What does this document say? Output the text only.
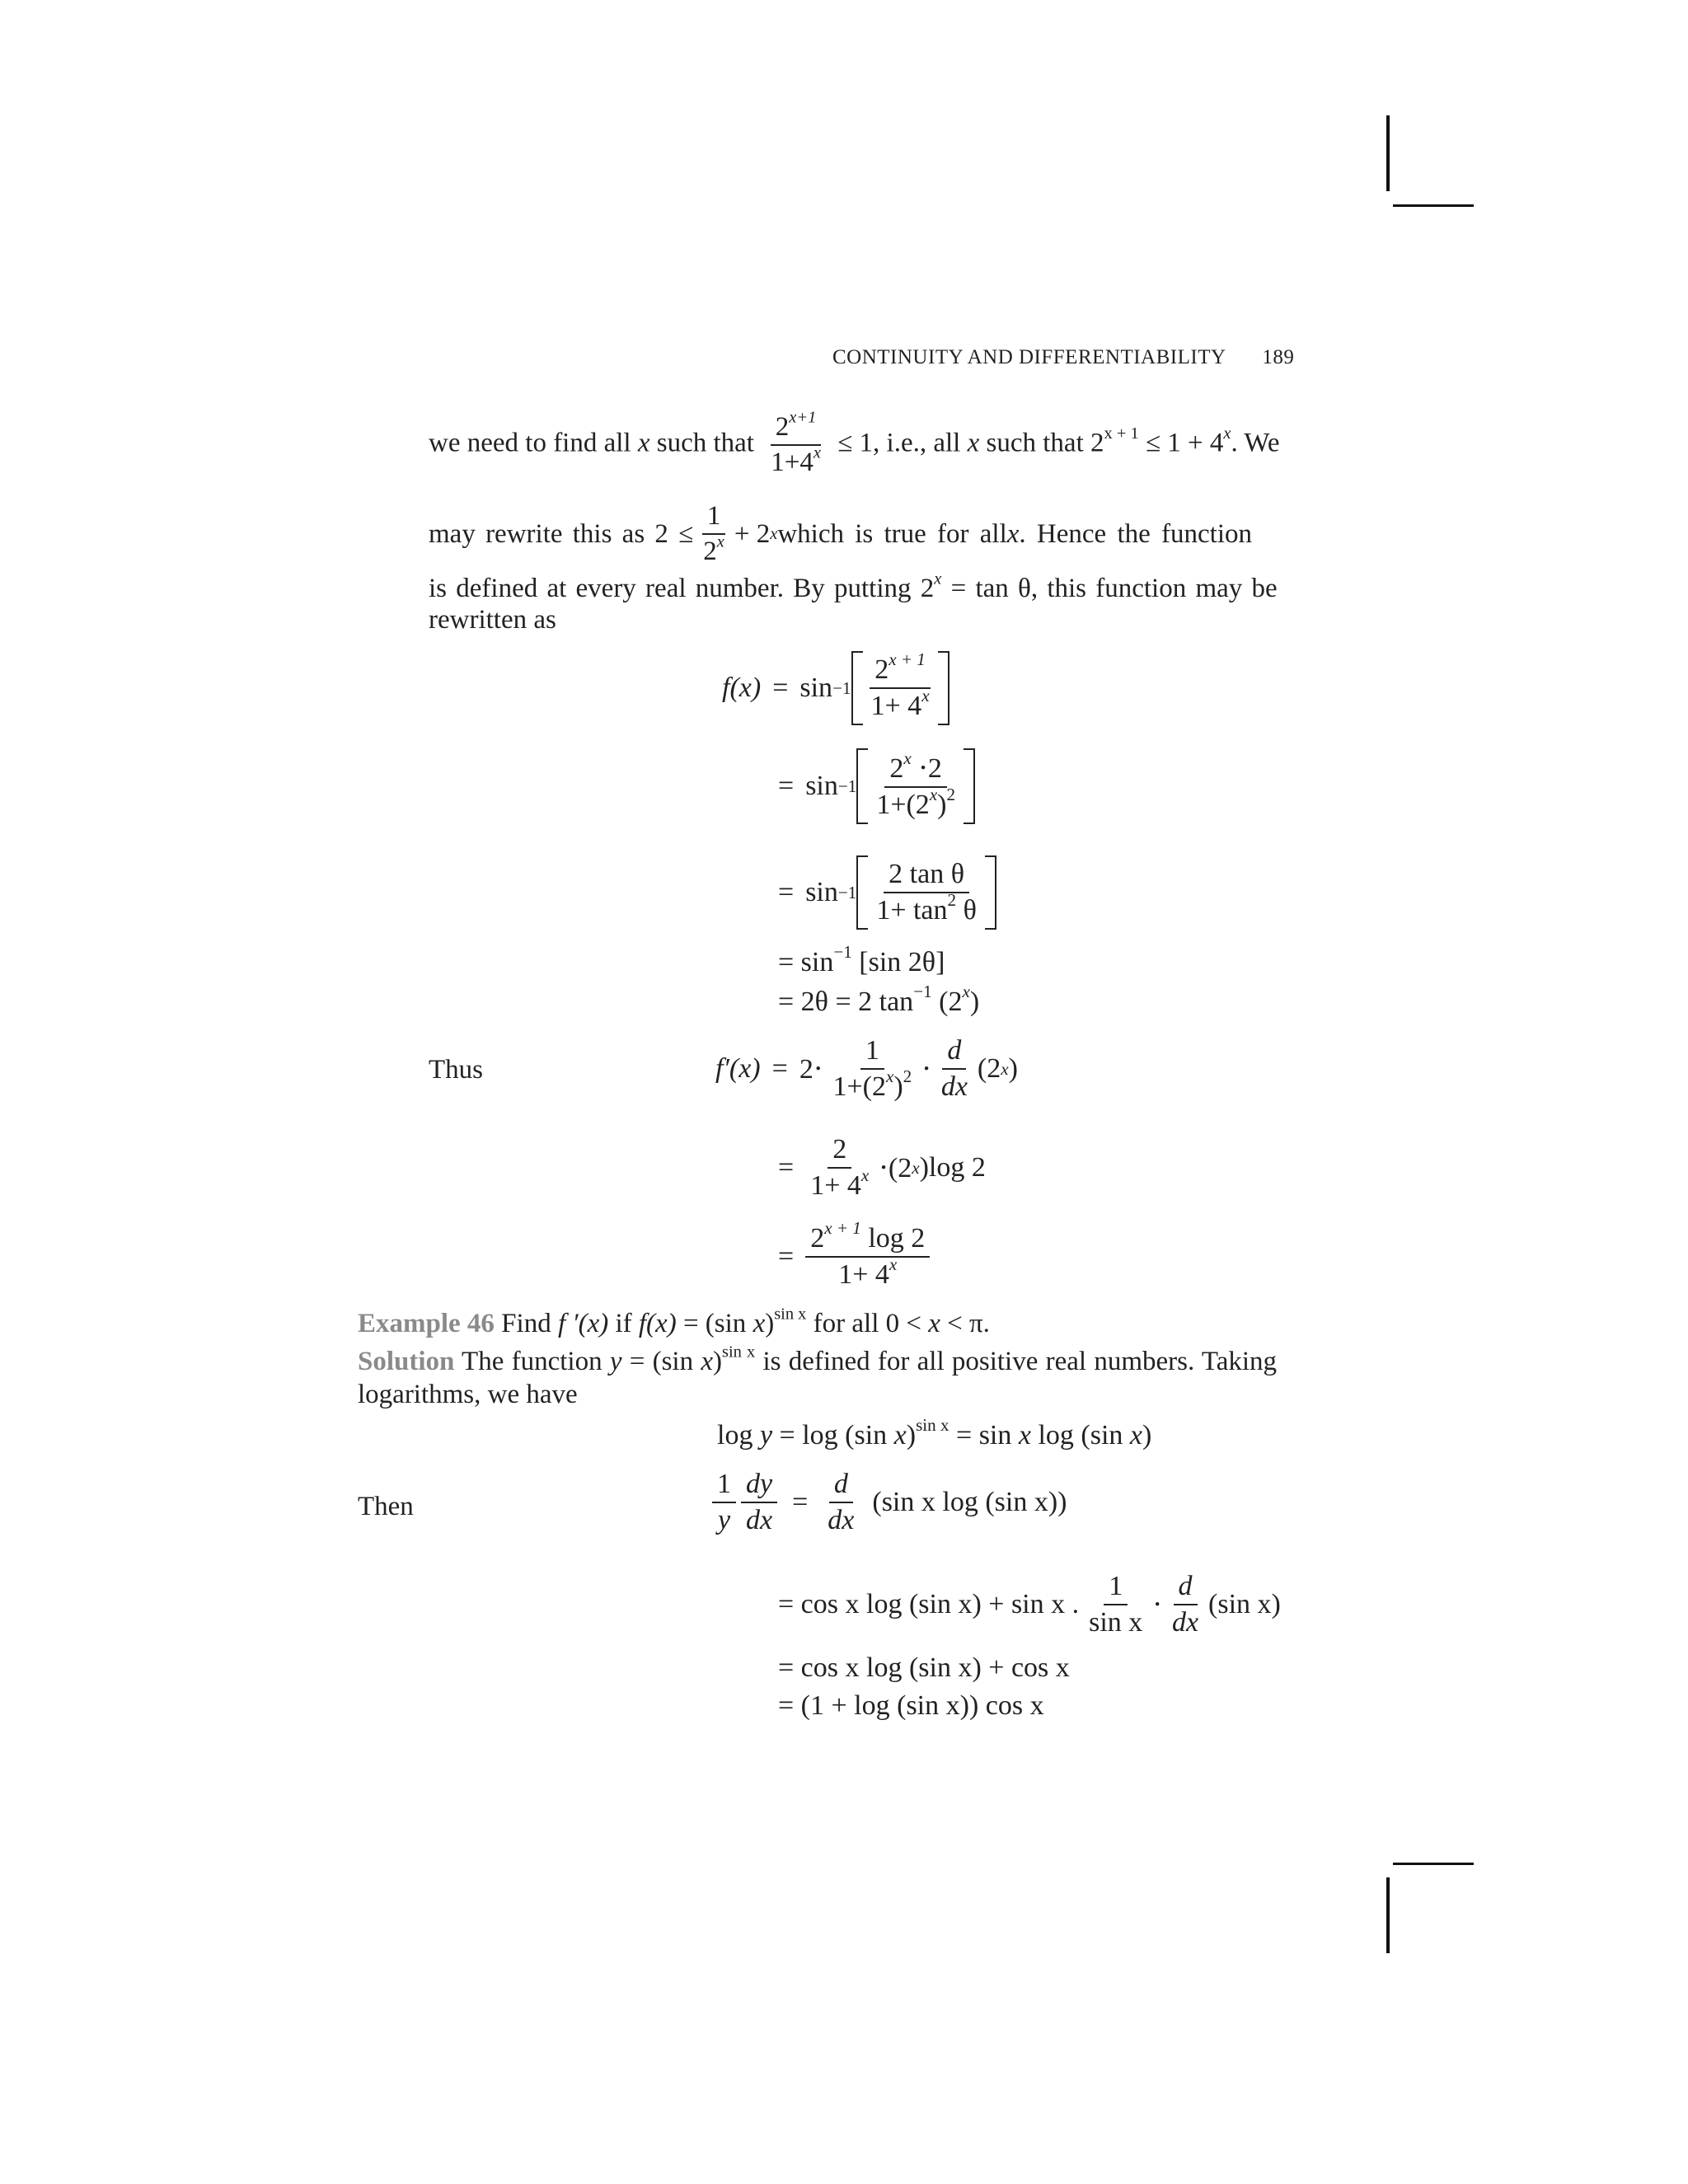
CONTINUITY AND DIFFERENTIABILITY 189
we need to find all x such that $\frac{2^{x+1}}{1+4^x} \le 1$, i.e., all x such that $2^{x + 1} \le 1 + 4^x$. We
may rewrite this as $2 \le \frac{1}{2^x} + 2$ x which is true for all x . Hence the function
is defined at every real number. By putting $2^x = \tan \theta$, this function may be
rewritten as
$f(x) = \sin -1 \frac{2^{x + 1}}{1+ 4^x}$
= $\sin -1 \frac{2^x \cdot 2}{1+(2^x)^2}$
= $\sin -1 \frac{\text{2 tan θ}}{1+ \tan^2 \theta}$
= $\sin^{-1} [\sin$ 2θ]
= 2θ = 2 $\tan^{-1} (2^x)$
Thus	$f'(x) = 2\cdot \frac{1}{1+(2^x)^2} \cdot \frac{d}{dx} (2$ x )
= $\frac{2}{1+ 4^x} \cdot(2$ x )log 2
= $\frac{2^{x + 1} \log 2}{1+ 4^x}$
Example 46 Find f ′(x) if f(x) = (sin x)$^{sin x}$ for all 0 < x < π.
Solution The function y = (sin x)$^{sin x}$ is defined for all positive real numbers. Taking
logarithms, we have
log y = log (sin x)$^{sin x}$ = sin x log (sin x)
Then	$\frac{1}{y} \frac{dy}{dx} = \frac{d}{dx} (\sin$ x log (sin x))
= cos x log (sin x) + sin x . $\frac{1}{\text{sin x}} \cdot \frac{d}{dx} (\sin$ x)
= cos x log (sin x) + cos x
= (1 + log (sin x)) cos x
